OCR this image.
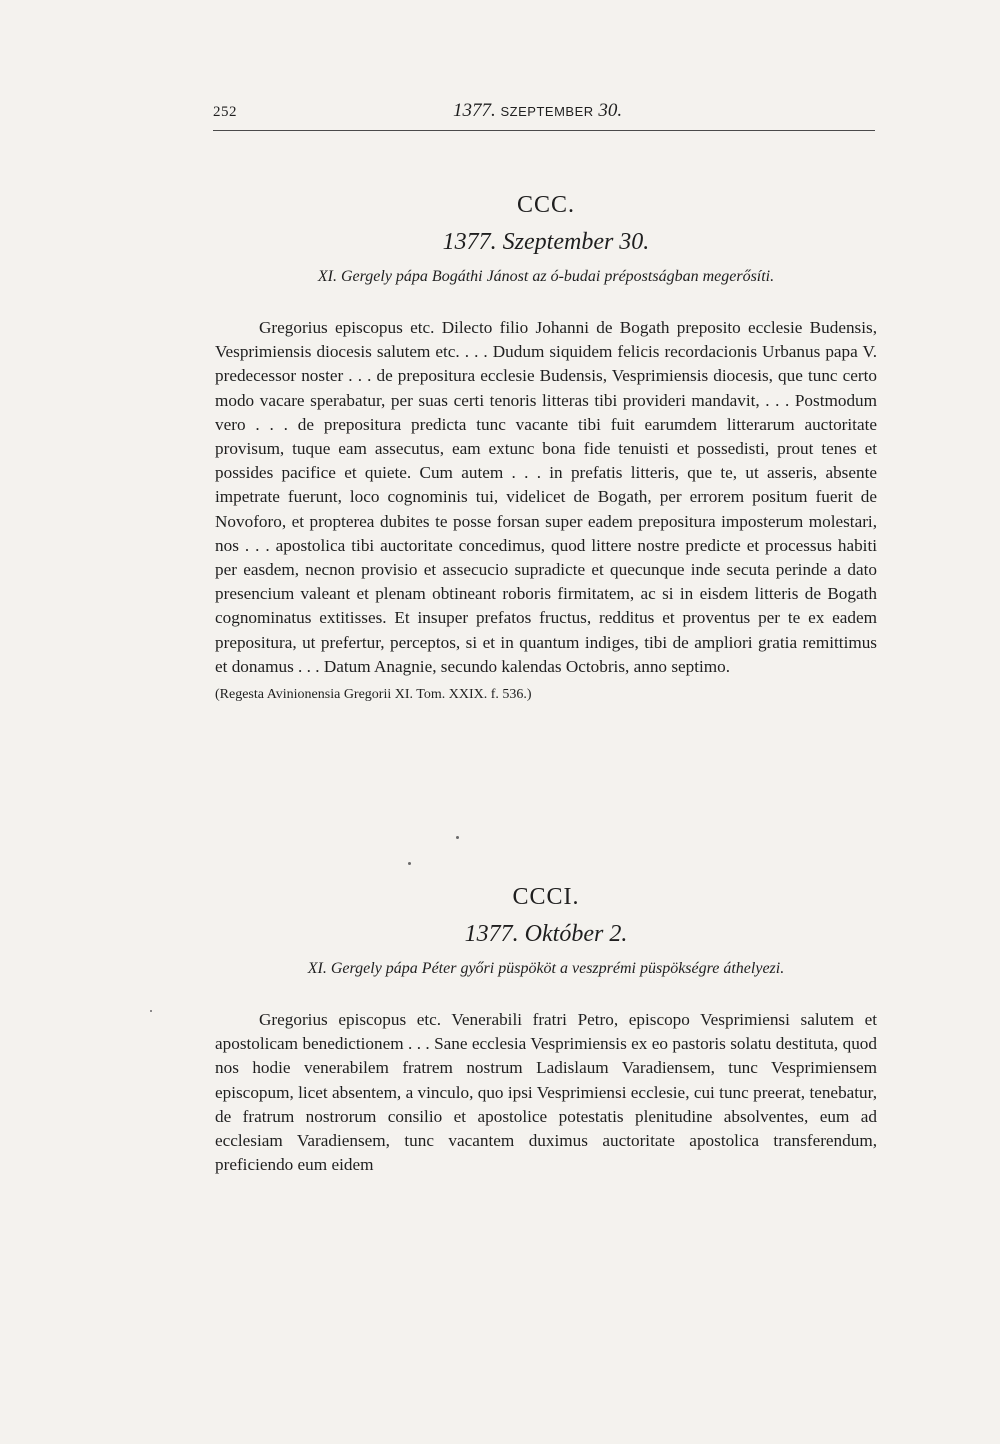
252	1377. SZEPTEMBER 30.
CCC.

1377. Szeptember 30.

XI. Gergely pápa Bogáthi Jánost az ó-budai prépostságban megerősíti.

Gregorius episcopus etc. Dilecto filio Johanni de Bogath preposito ecclesie Budensis, Vesprimiensis diocesis salutem etc. . . . Dudum siquidem felicis recordacionis Urbanus papa V. predecessor noster . . . de prepositura ecclesie Budensis, Vesprimiensis diocesis, que tunc certo modo vacare sperabatur, per suas certi tenoris litteras tibi provideri mandavit, . . . Postmodum vero . . . de prepositura predicta tunc vacante tibi fuit earumdem litterarum auctoritate provisum, tuque eam assecutus, eam extunc bona fide tenuisti et possedisti, prout tenes et possides pacifice et quiete. Cum autem . . . in prefatis litteris, que te, ut asseris, absente impetrate fuerunt, loco cognominis tui, videlicet de Bogath, per errorem positum fuerit de Novoforo, et propterea dubites te posse forsan super eadem prepositura imposterum molestari, nos . . . apostolica tibi auctoritate concedimus, quod littere nostre predicte et processus habiti per easdem, necnon provisio et assecucio supradicte et quecunque inde secuta perinde a dato presencium valeant et plenam obtineant roboris firmitatem, ac si in eisdem litteris de Bogath cognominatus extitisses. Et insuper prefatos fructus, redditus et proventus per te ex eadem prepositura, ut prefertur, perceptos, si et in quantum indiges, tibi de ampliori gratia remittimus et donamus . . . Datum Anagnie, secundo kalendas Octobris, anno septimo.

(Regesta Avinionensia Gregorii XI. Tom. XXIX. f. 536.)

CCCI.

1377. Október 2.

XI. Gergely pápa Péter győri püspököt a veszprémi püspökségre áthelyezi.

Gregorius episcopus etc. Venerabili fratri Petro, episcopo Vesprimiensi salutem et apostolicam benedictionem . . . Sane ecclesia Vesprimiensis ex eo pastoris solatu destituta, quod nos hodie venerabilem fratrem nostrum Ladislaum Varadiensem, tunc Vesprimiensem episcopum, licet absentem, a vinculo, quo ipsi Vesprimiensi ecclesie, cui tunc preerat, tenebatur, de fratrum nostrorum consilio et apostolice potestatis plenitudine absolventes, eum ad ecclesiam Varadiensem, tunc vacantem duximus auctoritate apostolica transferendum, preficiendo eum eidem
